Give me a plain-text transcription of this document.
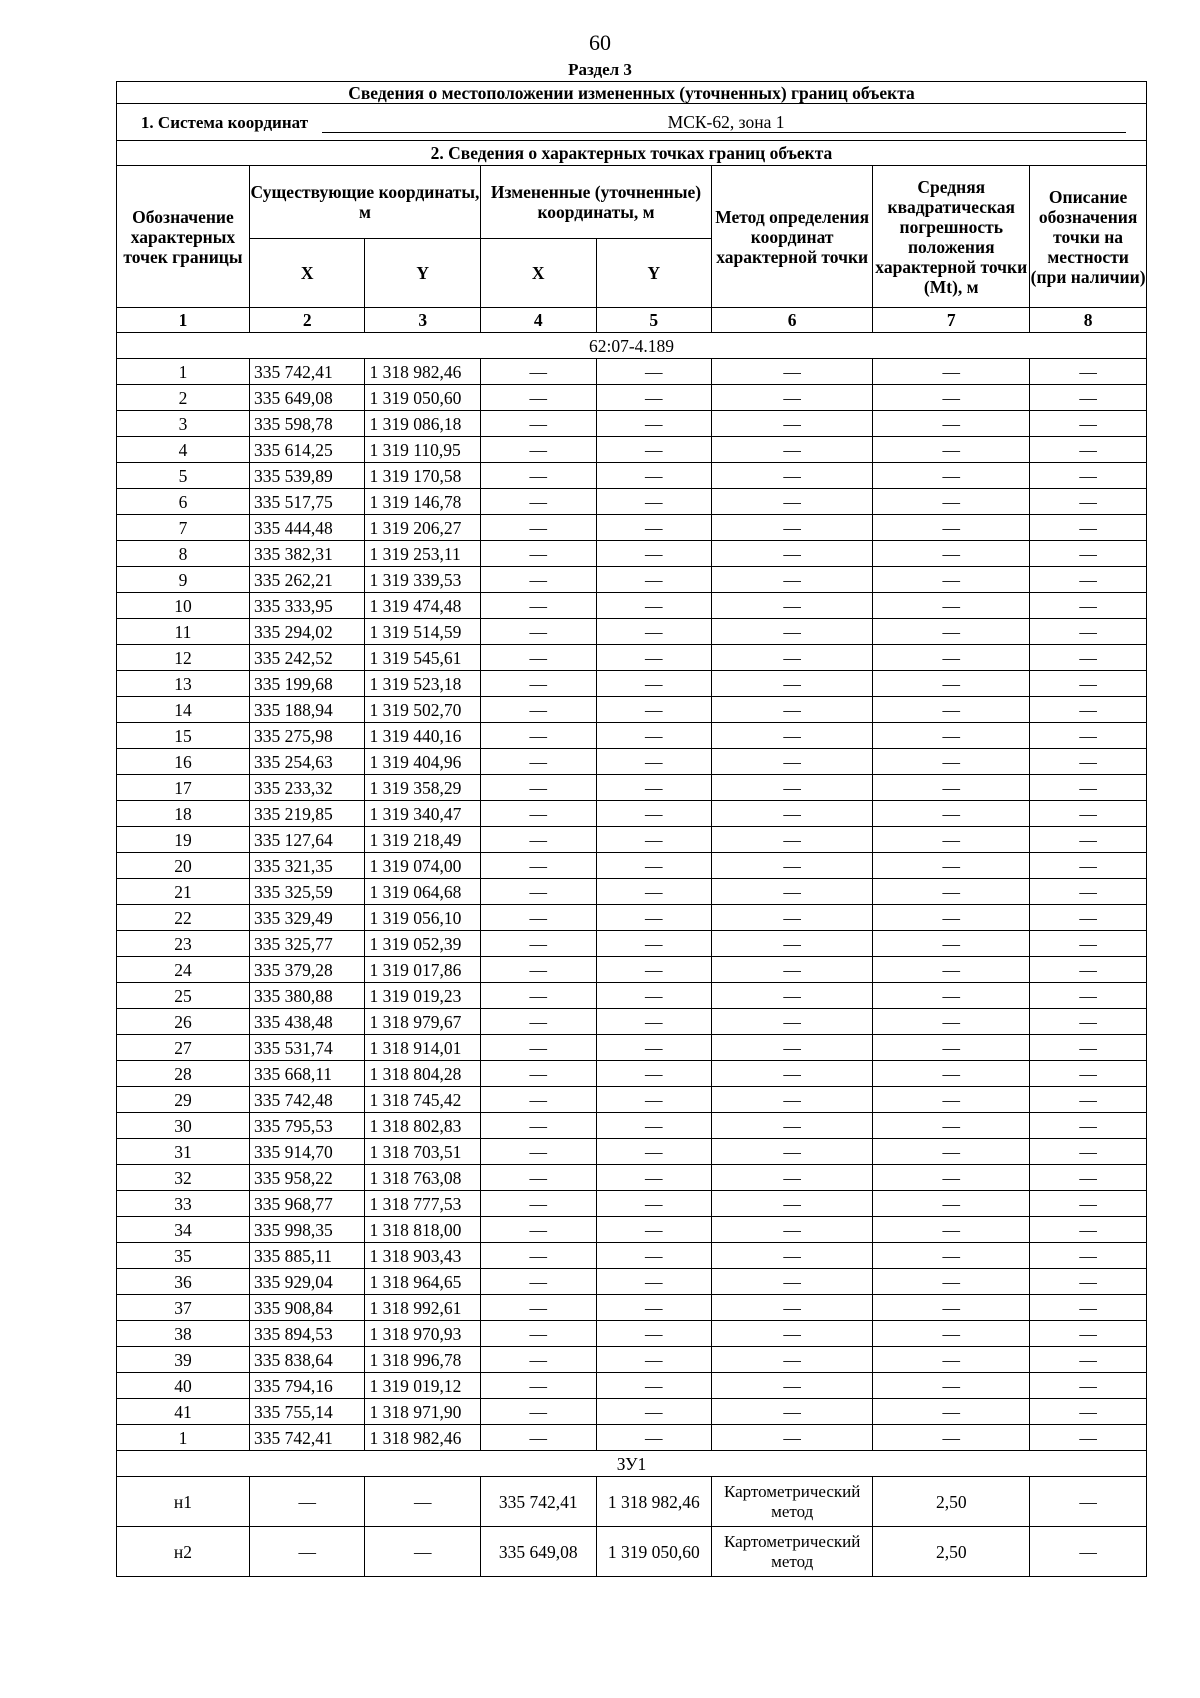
60
Раздел 3
Сведения о местоположении измененных (уточненных) границ объекта							
1. Система координат МСК-62, зона 1							
2. Сведения о характерных точках границ объекта							
Обозначение характерных точек границы	Существующие координаты, м		Измененные (уточненные) координаты, м		Метод определения координат характерной точки	Средняя квадратическая погрешность положения характерной точки (Mt), м	Описание обозначения точки на местности (при наличии)
	X	Y	X	Y			
1	2	3	4	5	6	7	8
62:07-4.189							
1	335 742,41	1 318 982,46	—	—	—	—	—
2	335 649,08	1 319 050,60	—	—	—	—	—
3	335 598,78	1 319 086,18	—	—	—	—	—
4	335 614,25	1 319 110,95	—	—	—	—	—
5	335 539,89	1 319 170,58	—	—	—	—	—
6	335 517,75	1 319 146,78	—	—	—	—	—
7	335 444,48	1 319 206,27	—	—	—	—	—
8	335 382,31	1 319 253,11	—	—	—	—	—
9	335 262,21	1 319 339,53	—	—	—	—	—
10	335 333,95	1 319 474,48	—	—	—	—	—
11	335 294,02	1 319 514,59	—	—	—	—	—
12	335 242,52	1 319 545,61	—	—	—	—	—
13	335 199,68	1 319 523,18	—	—	—	—	—
14	335 188,94	1 319 502,70	—	—	—	—	—
15	335 275,98	1 319 440,16	—	—	—	—	—
16	335 254,63	1 319 404,96	—	—	—	—	—
17	335 233,32	1 319 358,29	—	—	—	—	—
18	335 219,85	1 319 340,47	—	—	—	—	—
19	335 127,64	1 319 218,49	—	—	—	—	—
20	335 321,35	1 319 074,00	—	—	—	—	—
21	335 325,59	1 319 064,68	—	—	—	—	—
22	335 329,49	1 319 056,10	—	—	—	—	—
23	335 325,77	1 319 052,39	—	—	—	—	—
24	335 379,28	1 319 017,86	—	—	—	—	—
25	335 380,88	1 319 019,23	—	—	—	—	—
26	335 438,48	1 318 979,67	—	—	—	—	—
27	335 531,74	1 318 914,01	—	—	—	—	—
28	335 668,11	1 318 804,28	—	—	—	—	—
29	335 742,48	1 318 745,42	—	—	—	—	—
30	335 795,53	1 318 802,83	—	—	—	—	—
31	335 914,70	1 318 703,51	—	—	—	—	—
32	335 958,22	1 318 763,08	—	—	—	—	—
33	335 968,77	1 318 777,53	—	—	—	—	—
34	335 998,35	1 318 818,00	—	—	—	—	—
35	335 885,11	1 318 903,43	—	—	—	—	—
36	335 929,04	1 318 964,65	—	—	—	—	—
37	335 908,84	1 318 992,61	—	—	—	—	—
38	335 894,53	1 318 970,93	—	—	—	—	—
39	335 838,64	1 318 996,78	—	—	—	—	—
40	335 794,16	1 319 019,12	—	—	—	—	—
41	335 755,14	1 318 971,90	—	—	—	—	—
1	335 742,41	1 318 982,46	—	—	—	—	—
ЗУ1							
н1	—	—	335 742,41	1 318 982,46	Картометрический метод	2,50	—
н2	—	—	335 649,08	1 319 050,60	Картометрический метод	2,50	—
